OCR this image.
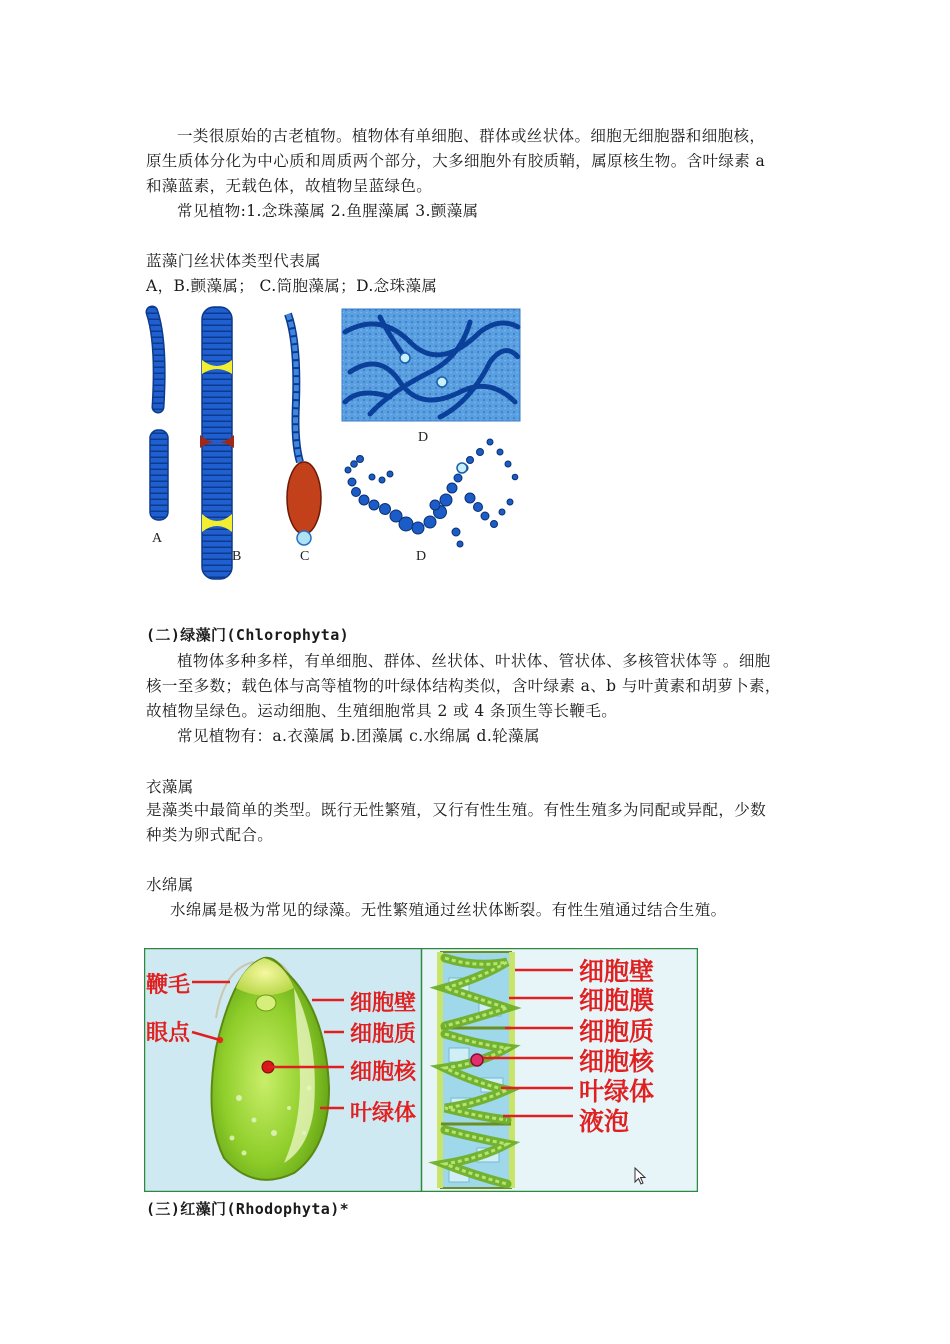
一类很原始的古老植物。植物体有单细胞、群体或丝状体。细胞无细胞器和细胞核，
原生质体分化为中心质和周质两个部分，大多细胞外有胶质鞘，属原核生物。含叶绿素 a
和藻蓝素，无载色体，故植物呈蓝绿色。
常见植物:1.念珠藻属 2.鱼腥藻属 3.颤藻属
蓝藻门丝状体类型代表属
A，B.颤藻属； C.筒胞藻属；D.念珠藻属
A
B	C
D
D
(二)绿藻门(Chlorophyta)
植物体多种多样，有单细胞、群体、丝状体、叶状体、管状体、多核管状体等 。细胞
核一至多数；载色体与高等植物的叶绿体结构类似，含叶绿素 a、b 与叶黄素和胡萝卜素，
故植物呈绿色。运动细胞、生殖细胞常具 2 或 4 条顶生等长鞭毛。
常见植物有：a.衣藻属 b.团藻属 c.水绵属 d.轮藻属
衣藻属
是藻类中最简单的类型。既行无性繁殖，又行有性生殖。有性生殖多为同配或异配，少数
种类为卵式配合。
水绵属
水绵属是极为常见的绿藻。无性繁殖通过丝状体断裂。有性生殖通过结合生殖。
鞭毛
眼点
细胞壁
细胞质
细胞核
叶绿体
细胞壁
细胞膜
细胞质
细胞核
叶绿体
液泡
(三)红藻门(Rhodophyta)*
